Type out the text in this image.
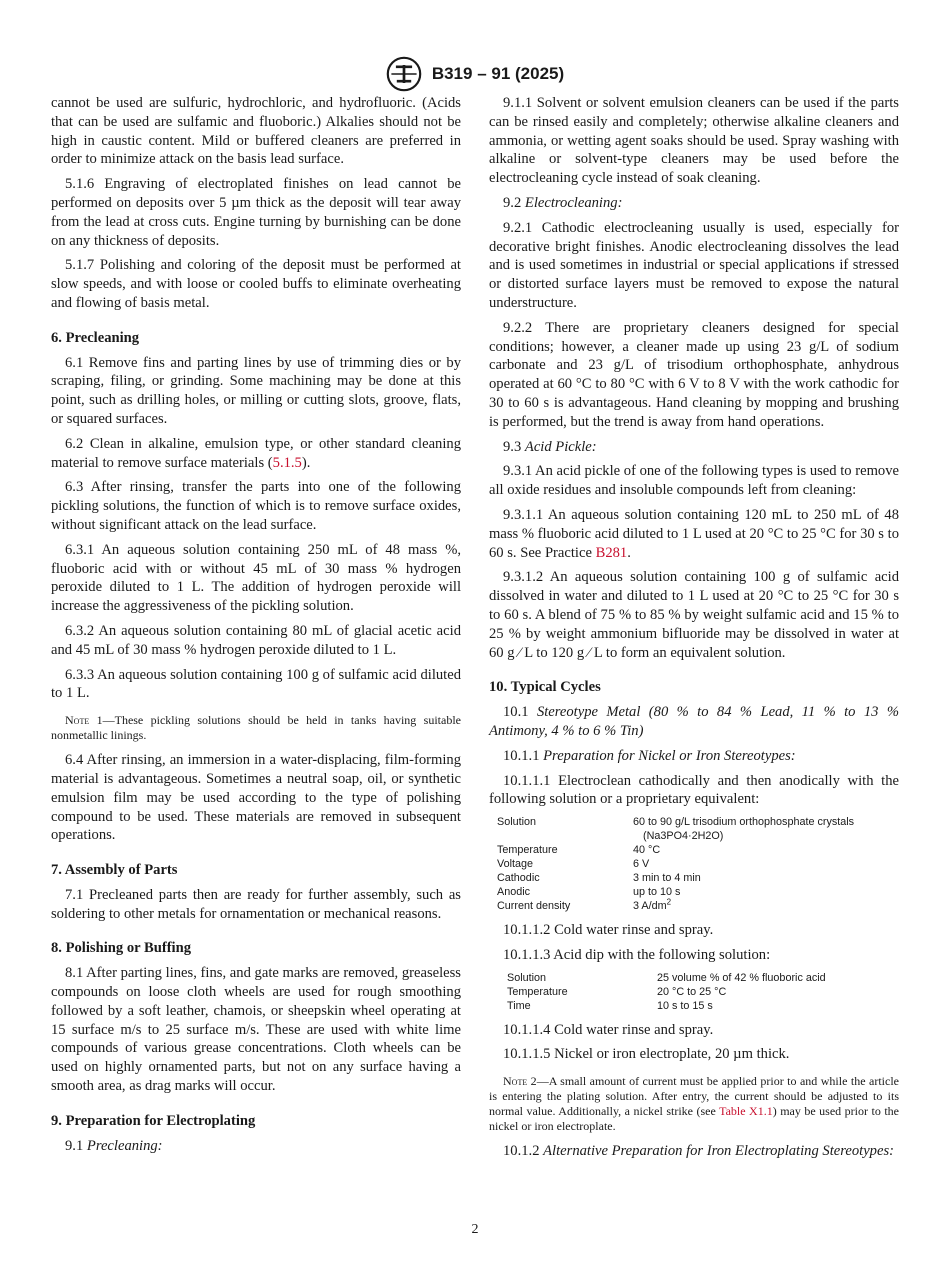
B319 – 91 (2025)

cannot be used are sulfuric, hydrochloric, and hydrofluoric. (Acids that can be used are sulfamic and fluoboric.) Alkalies should not be high in caustic content. Mild or buffered cleaners are preferred in order to minimize attack on the basis lead surface.

5.1.6 Engraving of electroplated finishes on lead cannot be performed on deposits over 5 µm thick as the deposit will tear away from the lead at cross cuts. Engine turning by burnishing can be done on any thickness of deposits.

5.1.7 Polishing and coloring of the deposit must be performed at slow speeds, and with loose or cooled buffs to eliminate overheating and flowing of basis metal.

6. Precleaning

6.1 Remove fins and parting lines by use of trimming dies or by scraping, filing, or grinding. Some machining may be done at this point, such as drilling holes, or milling or cutting slots, groove, flats, or squared surfaces.

6.2 Clean in alkaline, emulsion type, or other standard cleaning material to remove surface materials (5.1.5).

6.3 After rinsing, transfer the parts into one of the following pickling solutions, the function of which is to remove surface oxides, without significant attack on the lead surface.

6.3.1 An aqueous solution containing 250 mL of 48 mass %, fluoboric acid with or without 45 mL of 30 mass % hydrogen peroxide diluted to 1 L. The addition of hydrogen peroxide will increase the aggressiveness of the pickling solution.

6.3.2 An aqueous solution containing 80 mL of glacial acetic acid and 45 mL of 30 mass % hydrogen peroxide diluted to 1 L.

6.3.3 An aqueous solution containing 100 g of sulfamic acid diluted to 1 L.

Note 1—These pickling solutions should be held in tanks having suitable nonmetallic linings.

6.4 After rinsing, an immersion in a water-displacing, film-forming material is advantageous. Sometimes a neutral soap, oil, or synthetic emulsion film may be used according to the type of polishing compound to be used. These materials are removed in subsequent operations.

7. Assembly of Parts

7.1 Precleaned parts then are ready for further assembly, such as soldering to other metals for ornamentation or mechanical reasons.

8. Polishing or Buffing

8.1 After parting lines, fins, and gate marks are removed, greaseless compounds on loose cloth wheels are used for rough smoothing followed by a soft leather, chamois, or sheepskin wheel operating at 15 surface m/s to 25 surface m/s. These are used with white lime compounds of various grease concentrations. Cloth wheels can be used on highly ornamented parts, but not on any surface having a smooth area, as drag marks will occur.

9. Preparation for Electroplating

9.1 Precleaning:

9.1.1 Solvent or solvent emulsion cleaners can be used if the parts can be rinsed easily and completely; otherwise alkaline cleaners and ammonia, or wetting agent soaks should be used. Spray washing with alkaline or solvent-type cleaners may be used before the electrocleaning cycle instead of soak cleaning.

9.2 Electrocleaning:

9.2.1 Cathodic electrocleaning usually is used, especially for decorative bright finishes. Anodic electrocleaning dissolves the lead and is used sometimes in industrial or special applications if stressed or distorted surface layers must be removed to expose the natural understructure.

9.2.2 There are proprietary cleaners designed for special conditions; however, a cleaner made up using 23 g/L of sodium carbonate and 23 g/L of trisodium orthophosphate, anhydrous operated at 60 °C to 80 °C with 6 V to 8 V with the work cathodic for 30 to 60 s is advantageous. Hand cleaning by mopping and brushing is performed, but the trend is away from hand operations.

9.3 Acid Pickle:

9.3.1 An acid pickle of one of the following types is used to remove all oxide residues and insoluble compounds left from cleaning:

9.3.1.1 An aqueous solution containing 120 mL to 250 mL of 48 mass % fluoboric acid diluted to 1 L used at 20 °C to 25 °C for 30 s to 60 s. See Practice B281.

9.3.1.2 An aqueous solution containing 100 g of sulfamic acid dissolved in water and diluted to 1 L used at 20 °C to 25 °C for 30 s to 60 s. A blend of 75 % to 85 % by weight sulfamic acid and 15 % to 25 % by weight ammonium bifluoride may be dissolved in water at 60 g ⁄ L to 120 g ⁄ L to form an equivalent solution.

10. Typical Cycles

10.1 Stereotype Metal (80 % to 84 % Lead, 11 % to 13 % Antimony, 4 % to 6 % Tin)

10.1.1 Preparation for Nickel or Iron Stereotypes:

10.1.1.1 Electroclean cathodically and then anodically with the following solution or a proprietary equivalent:

Solution	60 to 90 g/L trisodium orthophosphate crystals
(Na3PO4·2H2O)
Temperature	40 °C
Voltage	6 V
Cathodic	3 min to 4 min
Anodic	up to 10 s
Current density	3 $A/dm^2$

10.1.1.2 Cold water rinse and spray.

10.1.1.3 Acid dip with the following solution:

Solution	25 volume % of 42 % fluoboric acid
Temperature	20 °C to 25 °C
Time	10 s to 15 s

10.1.1.4 Cold water rinse and spray.

10.1.1.5 Nickel or iron electroplate, 20 µm thick.

Note 2—A small amount of current must be applied prior to and while the article is entering the plating solution. After entry, the current should be adjusted to its normal value. Additionally, a nickel strike (see Table X1.1) may be used prior to the nickel or iron electroplate.

10.1.2 Alternative Preparation for Iron Electroplating Stereotypes:

2
